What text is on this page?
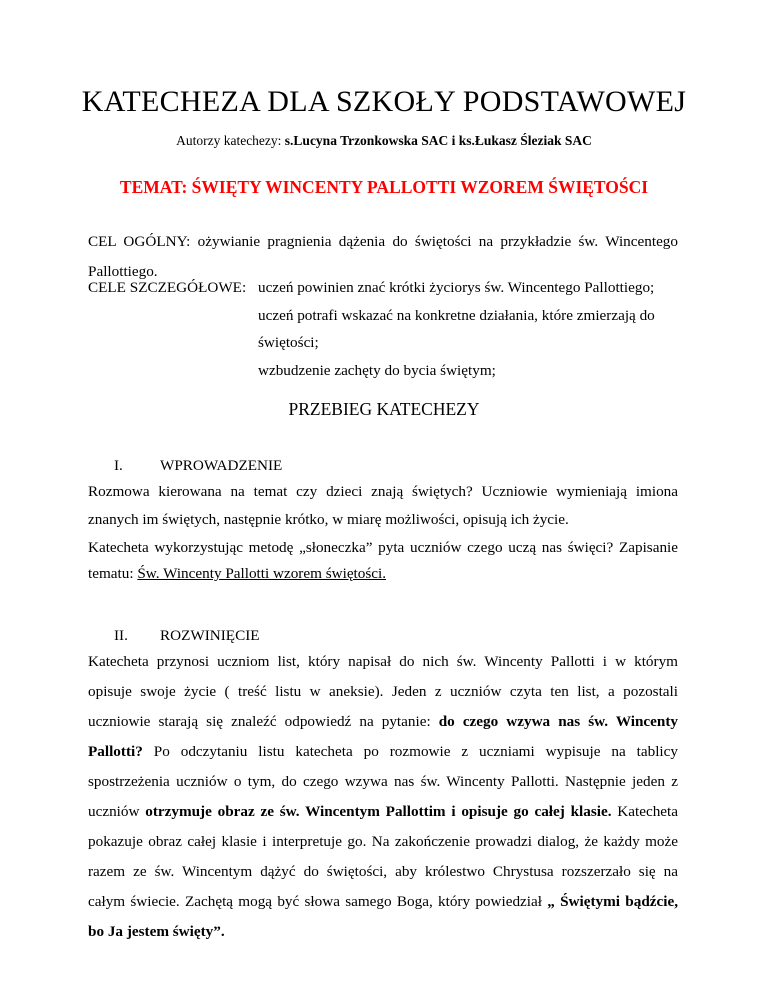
KATECHEZA DLA SZKOŁY PODSTAWOWEJ
Autorzy katechezy: s.Lucyna Trzonkowska SAC i ks.Łukasz Śleziak SAC
TEMAT: ŚWIĘTY WINCENTY PALLOTTI WZOREM ŚWIĘTOŚCI
CEL OGÓLNY: ożywianie pragnienia dążenia do świętości na przykładzie św. Wincentego
Pallottiego.
CELE SZCZEGÓŁOWE: uczeń powinien znać krótki życiorys św. Wincentego Pallottiego;
uczeń potrafi wskazać na konkretne działania, które zmierzają do
świętości;
wzbudzenie zachęty do bycia świętym;
PRZEBIEG KATECHEZY
I. WPROWADZENIE
Rozmowa kierowana na temat czy dzieci znają świętych? Uczniowie wymieniają imiona
znanych im świętych, następnie krótko, w miarę możliwości, opisują ich życie.
Katecheta wykorzystując metodę „słoneczka” pyta uczniów czego uczą nas święci? Zapisanie
tematu: Św. Wincenty Pallotti wzorem świętości.
II. ROZWINIĘCIE
Katecheta przynosi uczniom list, który napisał do nich św. Wincenty Pallotti i w którym
opisuje swoje życie ( treść listu w aneksie). Jeden z uczniów czyta ten list, a pozostali
uczniowie starają się znaleźć odpowiedź na pytanie: do czego wzywa nas św. Wincenty
Pallotti? Po odczytaniu listu katecheta po rozmowie z uczniami wypisuje na tablicy
spostrzeżenia uczniów o tym, do czego wzywa nas św. Wincenty Pallotti. Następnie jeden z
uczniów otrzymuje obraz ze św. Wincentym Pallottim i opisuje go całej klasie. Katecheta
pokazuje obraz całej klasie i interpretuje go. Na zakończenie prowadzi dialog, że każdy może
razem ze św. Wincentym dążyć do świętości, aby królestwo Chrystusa rozszerzało się na
całym świecie. Zachętą mogą być słowa samego Boga, który powiedział „ Świętymi bądźcie,
bo Ja jestem święty”.
